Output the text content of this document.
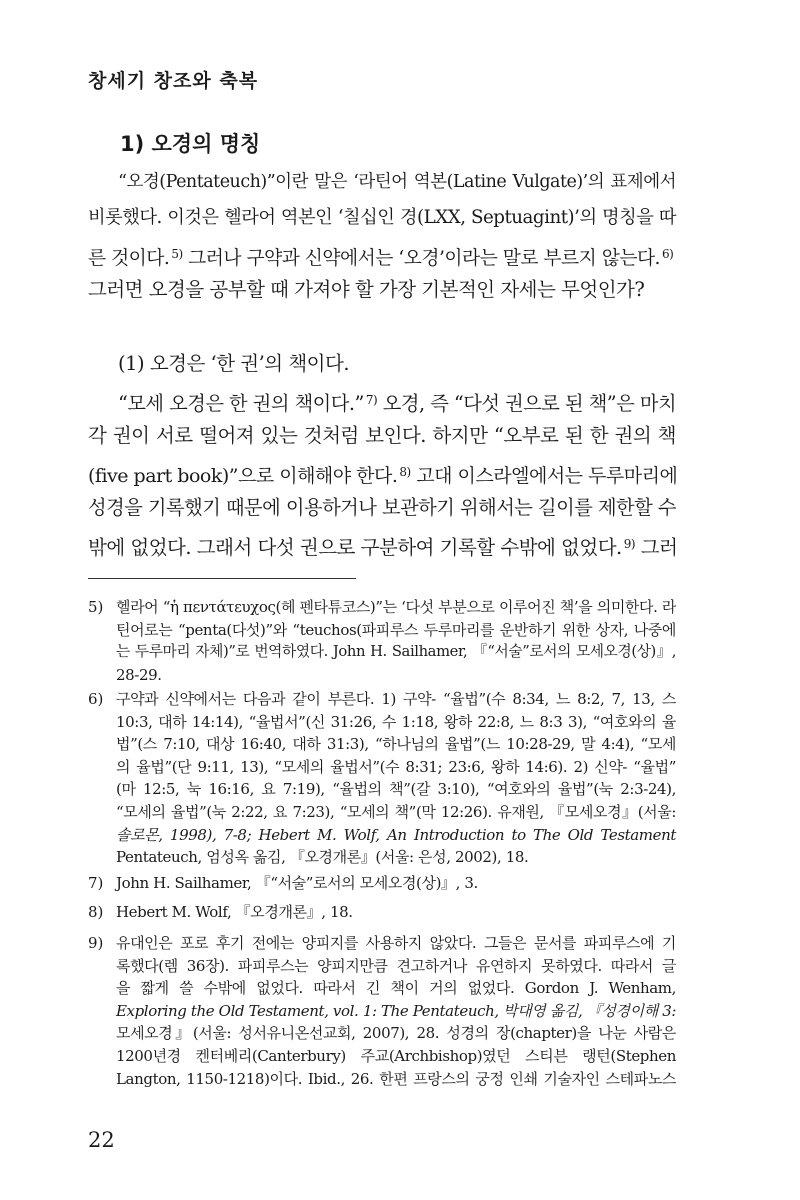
창세기 창조와 축복
1) 오경의 명칭
“오경(Pentateuch)”이란 말은 ‘라틴어 역본(Latine Vulgate)’의 표제에서
비롯했다. 이것은 헬라어 역본인 ‘칠십인 경(LXX, Septuagint)’의 명칭을 따
른 것이다. $^{5)}$ 그러나 구약과 신약에서는 ‘오경’이라는 말로 부르지 않는다. $^{6)}$
그러면 오경을 공부할 때 가져야 할 가장 기본적인 자세는 무엇인가?
(1) 오경은 ‘한 권’의 책이다.
“모세 오경은 한 권의 책이다.” $^{7)}$ 오경, 즉 “다섯 권으로 된 책”은 마치
각 권이 서로 떨어져 있는 것처럼 보인다. 하지만 “오부로 된 한 권의 책
(five part book)”으로 이해해야 한다. $^{8)}$ 고대 이스라엘에서는 두루마리에
성경을 기록했기 때문에 이용하거나 보관하기 위해서는 길이를 제한할 수
밖에 없었다. 그래서 다섯 권으로 구분하여 기록할 수밖에 없었다. $^{9)}$ 그러
5) 헬라어 “ἡ πεντάτευχος(헤 펜타튜코스)”는 ‘다섯 부분으로 이루어진 책’을 의미한다. 라
틴어로는 “penta(다섯)”와 “teuchos(파피루스 두루마리를 운반하기 위한 상자, 나중에
는 두루마리 자체)”로 번역하였다. John H. Sailhamer, 『“서술”로서의 모세오경(상)』,
28-29.
6) 구약과 신약에서는 다음과 같이 부른다. 1) 구약- “율법”(수 8:34, 느 8:2, 7, 13, 스
10:3, 대하 14:14), “율법서”(신 31:26, 수 1:18, 왕하 22:8, 느 8:3 3), “여호와의 율
법”(스 7:10, 대상 16:40, 대하 31:3), “하나님의 율법”(느 10:28-29, 말 4:4), “모세
의 율법”(단 9:11, 13), “모세의 율법서”(수 8:31; 23:6, 왕하 14:6). 2) 신약- “율법”
(마 12:5, 눅 16:16, 요 7:19), “율법의 책”(갈 3:10), “여호와의 율법”(눅 2:3-24),
“모세의 율법”(눅 2:22, 요 7:23), “모세의 책”(막 12:26). 유재원, 『모세오경』(서울:
솔로몬, 1998), 7-8; Hebert M. Wolf, An Introduction to The Old Testament
Pentateuch, 엄성옥 옮김, 『오경개론』(서울: 은성, 2002), 18.
7) John H. Sailhamer, 『“서술”로서의 모세오경(상)』, 3.
8) Hebert M. Wolf, 『오경개론』, 18.
9) 유대인은 포로 후기 전에는 양피지를 사용하지 않았다. 그들은 문서를 파피루스에 기
록했다(렘 36장). 파피루스는 양피지만큼 견고하거나 유연하지 못하였다. 따라서 글
을 짧게 쓸 수밖에 없었다. 따라서 긴 책이 거의 없었다. Gordon J. Wenham,
Exploring the Old Testament, vol. 1: The Pentateuch, 박대영 옮김, 『성경이해 3:
모세오경』(서울: 성서유니온선교회, 2007), 28. 성경의 장(chapter)을 나눈 사람은
1200년경 켄터베리(Canterbury) 주교(Archbishop)였던 스티븐 랭턴(Stephen
Langton, 1150-1218)이다. Ibid., 26. 한편 프랑스의 궁정 인쇄 기술자인 스테파노스
22
